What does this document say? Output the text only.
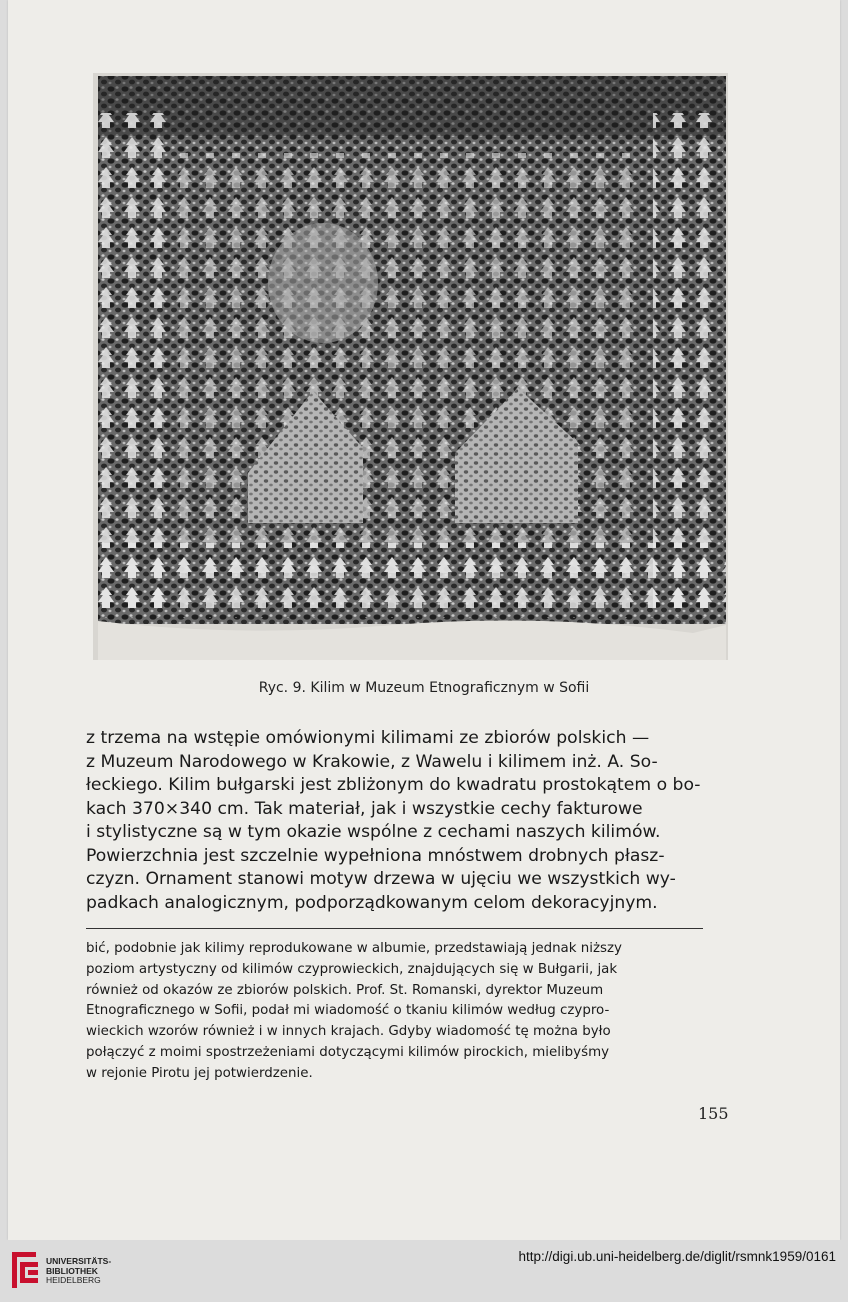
Ryc. 9. Kilim w Muzeum Etnograficznym w Sofii
z trzema na wstępie omówionymi kilimami ze zbiorów polskich —
z Muzeum Narodowego w Krakowie, z Wawelu i kilimem inż. A. So-
łeckiego. Kilim bułgarski jest zbliżonym do kwadratu prostokątem o bo-
kach 370×340 cm. Tak materiał, jak i wszystkie cechy fakturowe
i stylistyczne są w tym okazie wspólne z cechami naszych kilimów.
Powierzchnia jest szczelnie wypełniona mnóstwem drobnych płasz-
czyzn. Ornament stanowi motyw drzewa w ujęciu we wszystkich wy-
padkach analogicznym, podporządkowanym celom dekoracyjnym.
bić, podobnie jak kilimy reprodukowane w albumie, przedstawiają jednak niższy
poziom artystyczny od kilimów czyprowieckich, znajdujących się w Bułgarii, jak
również od okazów ze zbiorów polskich. Prof. St. Romanski, dyrektor Muzeum
Etnograficznego w Sofii, podał mi wiadomość o tkaniu kilimów według czypro-
wieckich wzorów również i w innych krajach. Gdyby wiadomość tę można było
połączyć z moimi spostrzeżeniami dotyczącymi kilimów pirockich, mielibyśmy
w rejonie Pirotu jej potwierdzenie.
155
UNIVERSITÄTS-
BIBLIOTHEK
HEIDELBERG
http://digi.ub.uni-heidelberg.de/diglit/rsmnk1959/0161
